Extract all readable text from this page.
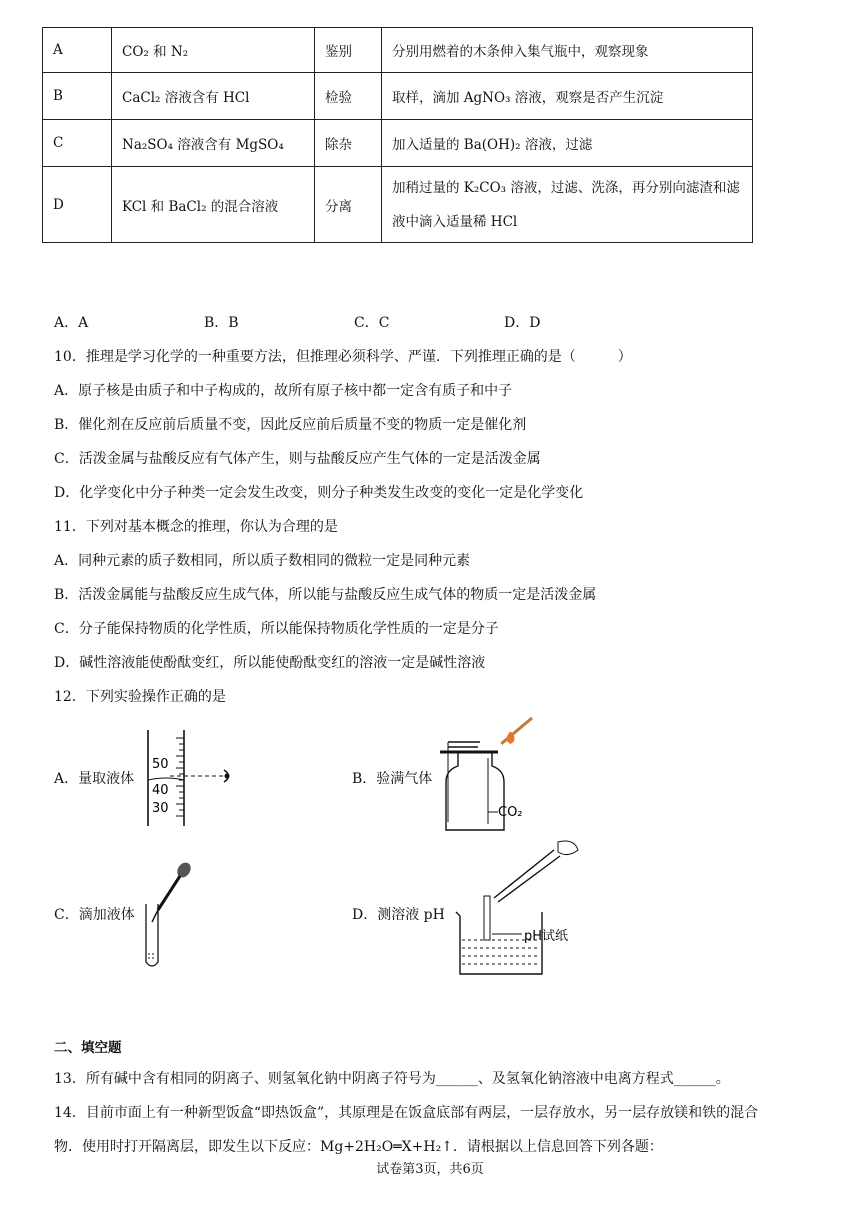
A	CO₂ 和 N₂	鉴别	分别用燃着的木条伸入集气瓶中，观察现象
B	CaCl₂ 溶液含有 HCl	检验	取样，滴加 AgNO₃ 溶液，观察是否产生沉淀
C	Na₂SO₄ 溶液含有 MgSO₄	除杂	加入适量的 Ba(OH)₂ 溶液，过滤
D	KCl 和 BaCl₂ 的混合溶液	分离	加稍过量的 K₂CO₃ 溶液，过滤、洗涤，再分别向滤渣和滤液中滴入适量稀 HCl
A．A	B．B	C．C	D．D
10．推理是学习化学的一种重要方法，但推理必须科学、严谨．下列推理正确的是（　　　）
A．原子核是由质子和中子构成的，故所有原子核中都一定含有质子和中子
B．催化剂在反应前后质量不变，因此反应前后质量不变的物质一定是催化剂
C．活泼金属与盐酸反应有气体产生，则与盐酸反应产生气体的一定是活泼金属
D．化学变化中分子种类一定会发生改变，则分子种类发生改变的变化一定是化学变化
11．下列对基本概念的推理，你认为合理的是
A．同种元素的质子数相同，所以质子数相同的微粒一定是同种元素
B．活泼金属能与盐酸反应生成气体，所以能与盐酸反应生成气体的物质一定是活泼金属
C．分子能保持物质的化学性质，所以能保持物质化学性质的一定是分子
D．碱性溶液能使酚酞变红，所以能使酚酞变红的溶液一定是碱性溶液
12．下列实验操作正确的是
A．量取液体
50
40
30
B．验满气体
CO₂
C．滴加液体	D．测溶液 pH
pH试纸
二、填空题
13．所有碱中含有相同的阴离子、则氢氧化钠中阴离子符号为______、及氢氧化钠溶液中电离方程式______。
14．目前市面上有一种新型饭盒“即热饭盒”，其原理是在饭盒底部有两层，一层存放水，另一层存放镁和铁的混合
物．使用时打开隔离层，即发生以下反应：Mg+2H₂O═X+H₂↑．请根据以上信息回答下列各题：
试卷第3页，共6页
